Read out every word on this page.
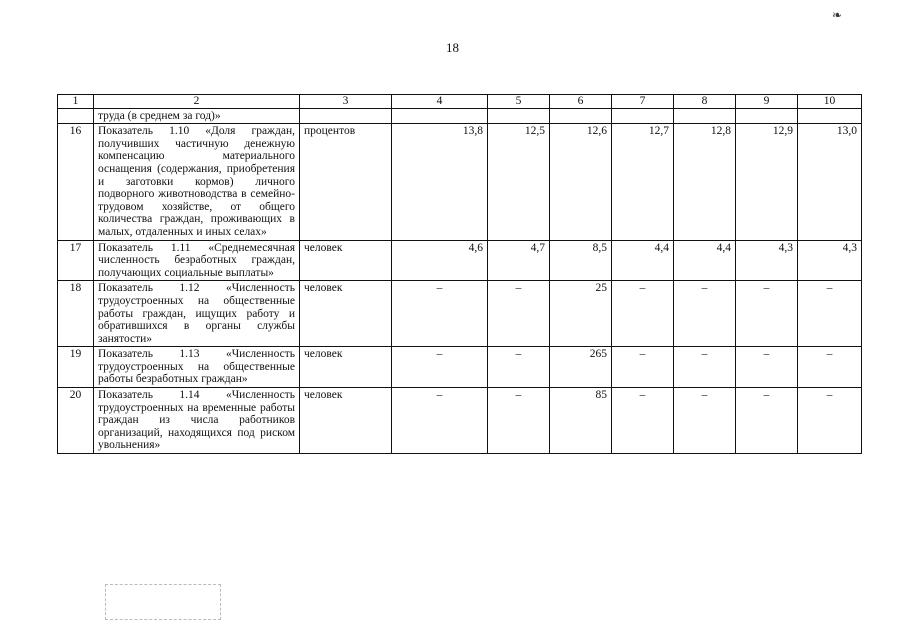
❧
18
1	2	3	4	5	6	7	8	9	10
	труда (в среднем за год)»								
16	Показатель 1.10 «Доля граждан, получивших частичную денежную компенсацию материального оснащения (содержания, приобретения и заготовки кормов) личного подворного животноводства в семейно-трудовом хозяйстве, от общего количества граждан, проживающих в малых, отдаленных и иных селах»	процентов	13,8	12,5	12,6	12,7	12,8	12,9	13,0
17	Показатель 1.11 «Среднемесячная численность безработных граждан, получающих социальные выплаты»	человек	4,6	4,7	8,5	4,4	4,4	4,3	4,3
18	Показатель 1.12 «Численность трудоустроенных на общественные работы граждан, ищущих работу и обратившихся в органы службы занятости»	человек	–	–	25	–	–	–	–
19	Показатель 1.13 «Численность трудоустроенных на общественные работы безработных граждан»	человек	–	–	265	–	–	–	–
20	Показатель 1.14 «Численность трудоустроенных на временные работы граждан из числа работников организаций, находящихся под риском увольнения»	человек	–	–	85	–	–	–	–
